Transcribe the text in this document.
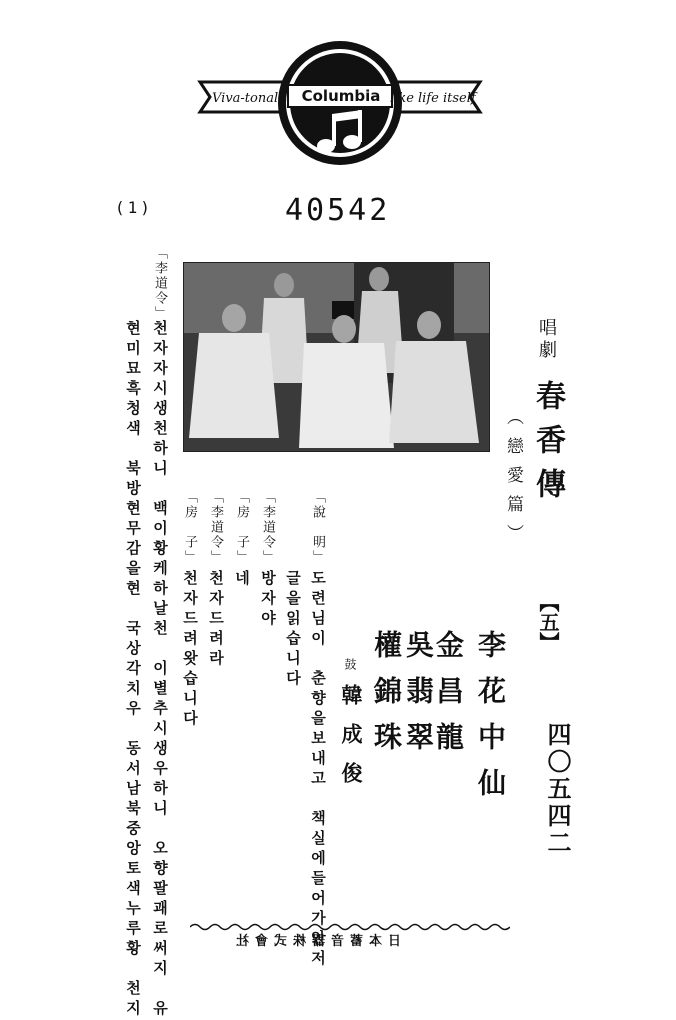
Viva-tonal	like life itself
Columbia
40542
(1)
唱劇
春香傳
（戀愛篇）
【五】
四〇五四二
李花中仙
金昌龍
吳翡翠
權錦珠
鼓
韓成俊
「說　明」
도련님이　춘향을보내고　책실에들어가안저
글을읽습니다
「李道令」
방자야
「房　子」
네
「李道令」
천자드려라
「房　子」
천자드려왓습니다
「李道令」
천자자시생천하니　백이황케하날천　이별추시생우하니　오향팔괘로써지　유
현미묘흑청색　북방현무감을현　국상각치우　동서남북중앙토색누루황　천지	日本蓄音器株式會社
